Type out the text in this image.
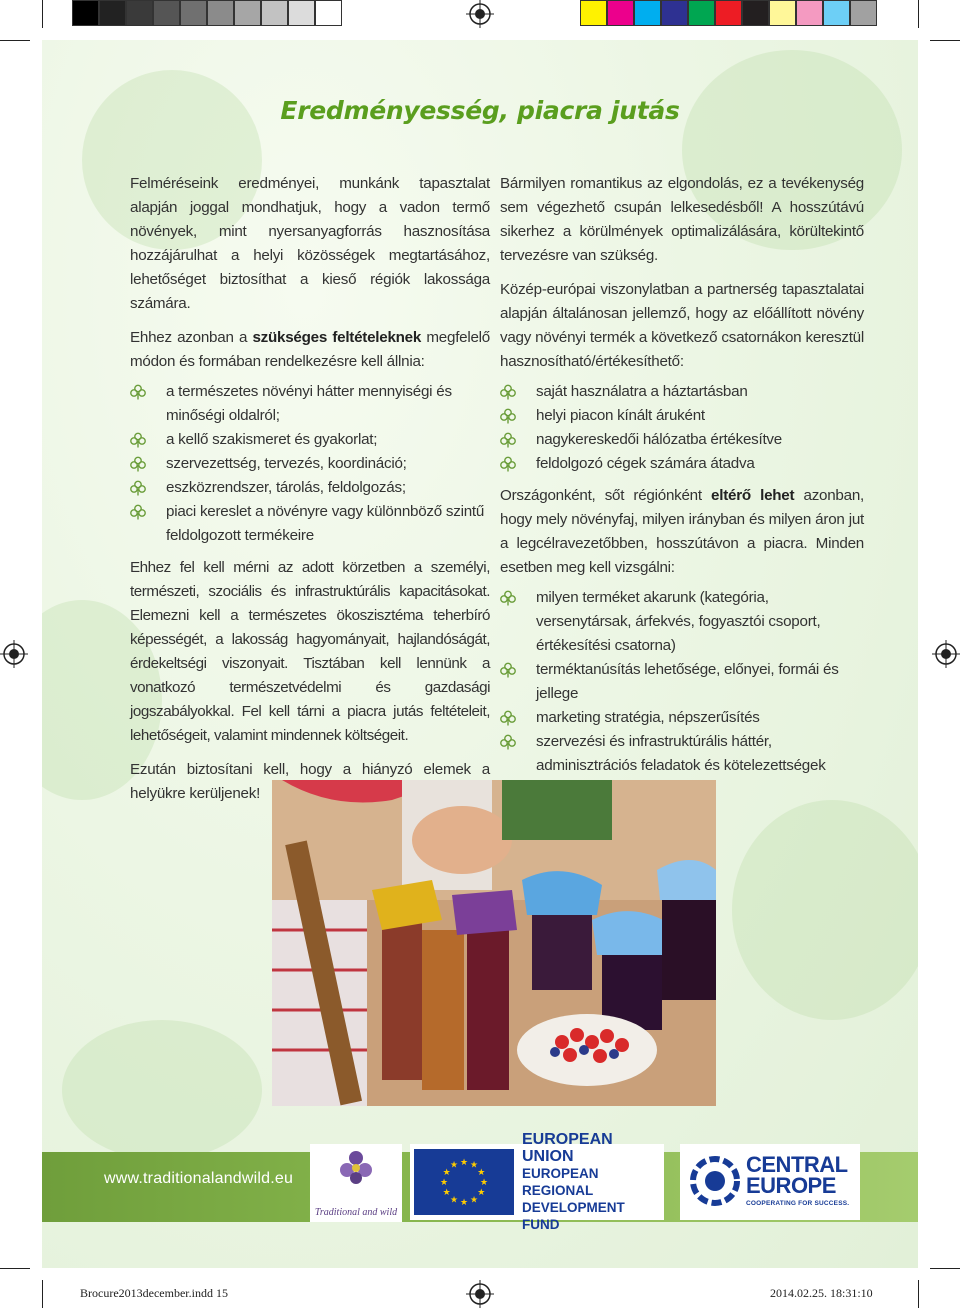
Eredményesség, piacra jutás

Felméréseink eredményei, munkánk tapasztalat alapján joggal mondhatjuk, hogy a vadon termő növények, mint nyersanyagforrás hasznosítása hozzájárulhat a helyi közösségek megtartásához, lehetőséget biztosíthat a kieső régiók lakossága számára.

Ehhez azonban a szükséges feltételeknek megfelelő módon és formában rendelkezésre kell állnia:

a természetes növényi hátter mennyiségi és minőségi oldalról;
a kellő szakismeret és gyakorlat;
szervezettség, tervezés, koordináció;
eszközrendszer, tárolás, feldolgozás;
piaci kereslet a növényre vagy különnböző szintű feldolgozott termékeire

Ehhez fel kell mérni az adott körzetben a személyi, természeti, szociális és infrastruktúrális kapacitásokat. Elemezni kell a természetes ökoszisztéma teherbíró képességét, a lakosság hagyományait, hajlandóságát, érdekeltségi viszonyait. Tisztában kell lennünk a vonatkozó természetvédelmi és gazdasági jogszabályokkal. Fel kell tárni a piacra jutás feltételeit, lehetőségeit, valamint mindennek költségeit.

Ezután biztosítani kell, hogy a hiányzó elemek a helyükre kerüljenek!

Bármilyen romantikus az elgondolás, ez a tevékenység sem végezhető csupán lelkesedésből! A hosszútávú sikerhez a körülmények optimalizálására, körültekintő tervezésre van szükség.

Közép-európai viszonylatban a partnerség tapasztalatai alapján általánosan jellemző, hogy az előállított növény vagy növényi termék a következő csatornákon keresztül hasznosítható/értékesíthető:

saját használatra a háztartásban
helyi piacon kínált áruként
nagykereskedői hálózatba értékesítve
feldolgozó cégek számára átadva

Országonként, sőt régiónként eltérő lehet azonban, hogy mely növényfaj, milyen irányban és milyen áron jut a legcélravezetőbben, hosszútávon a piacra. Minden esetben meg kell vizsgálni:

milyen terméket akarunk (kategória, versenytársak, árfekvés, fogyasztói csoport, értékesítési csatorna)
terméktanúsítás lehetősége, előnyei, formái és jellege
marketing stratégia, népszerűsítés
szervezési és infrastruktúrális háttér, adminisztrációs feladatok és kötelezettségek
www.traditionalandwild.eu
Traditional and wild
★
★
★
★
★
★
★
★
★ ★ ★
★
EUROPEAN UNION
EUROPEAN REGIONAL
DEVELOPMENT FUND
CENTRAL
EUROPE
COOPERATING FOR SUCCESS.
Brocure2013december.indd 15	2014.02.25. 18:31:10
